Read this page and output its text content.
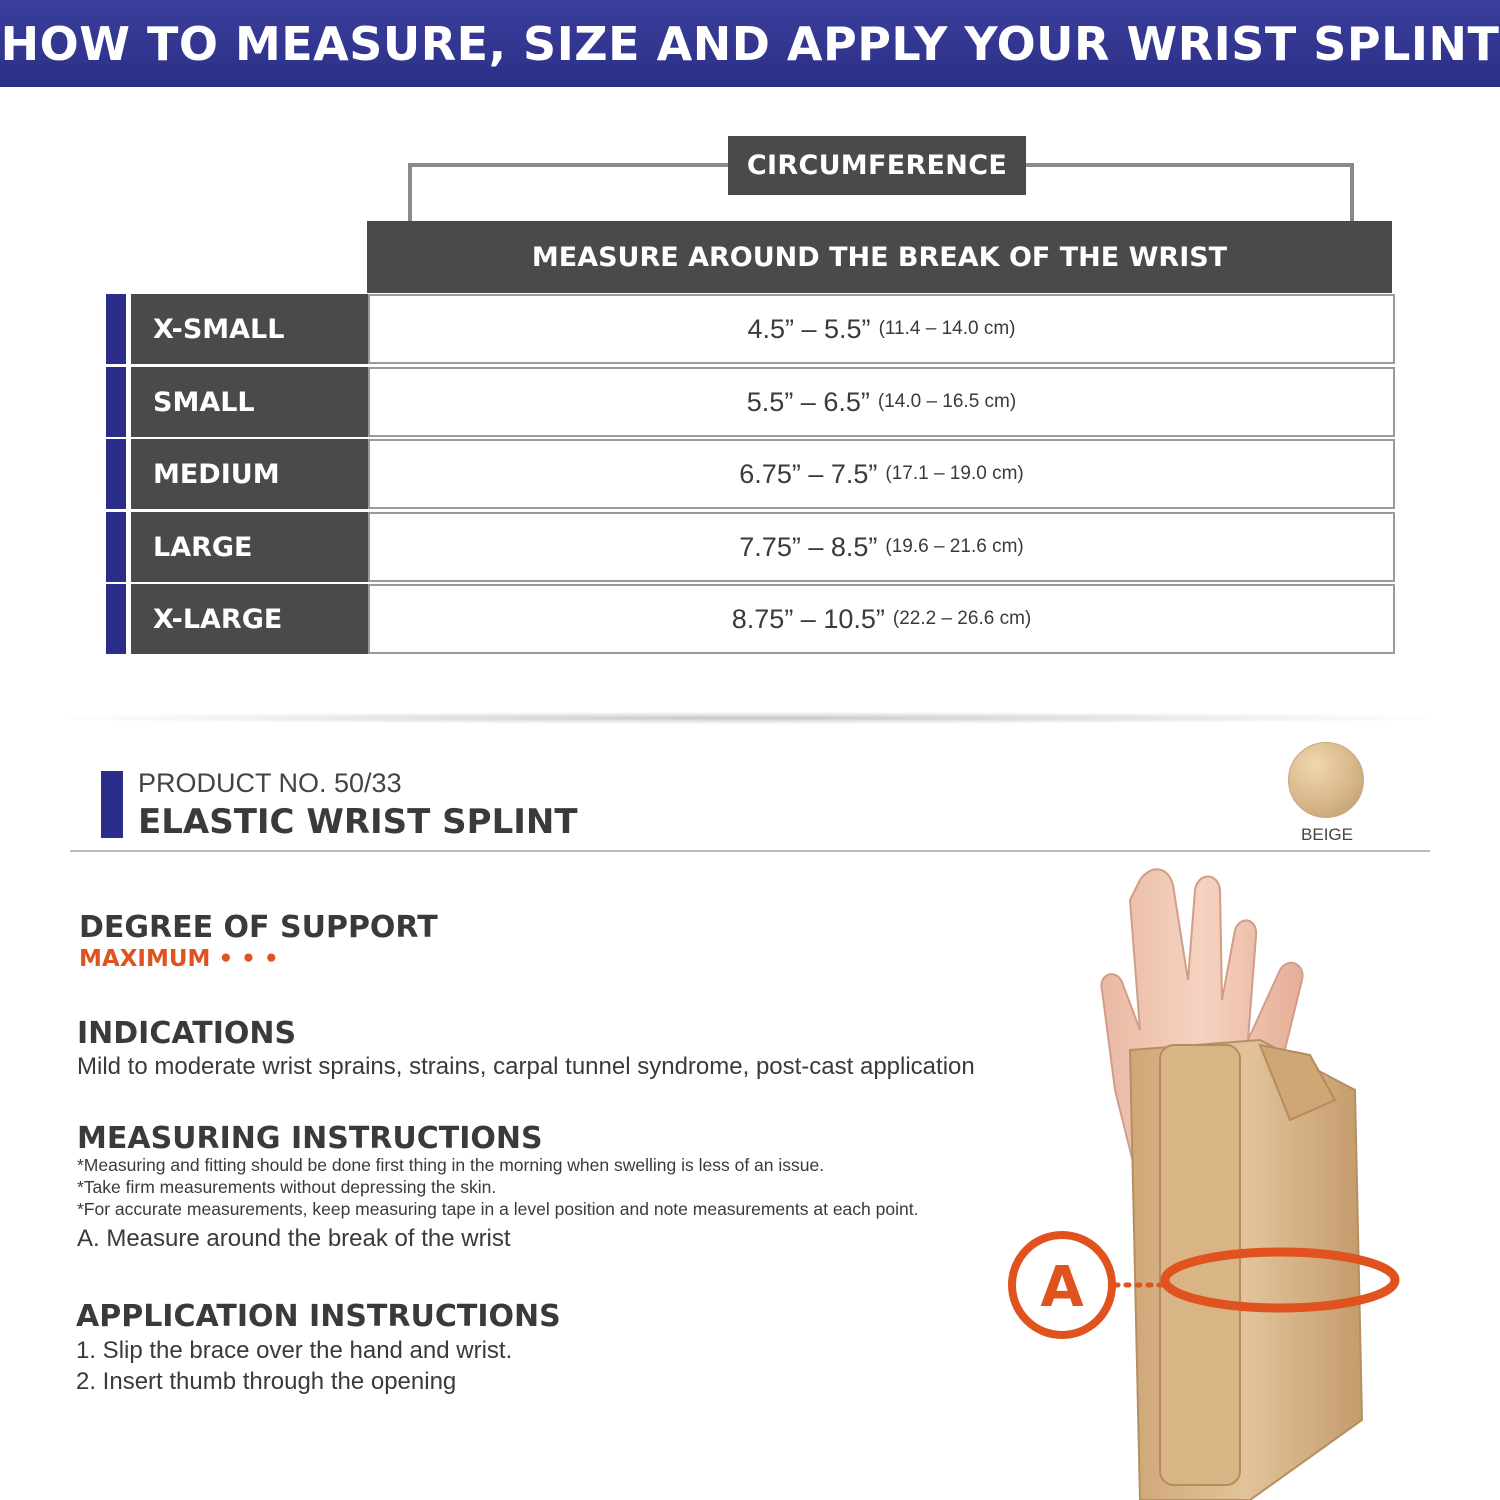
HOW TO MEASURE, SIZE AND APPLY YOUR WRIST SPLINT
CIRCUMFERENCE
MEASURE AROUND THE BREAK OF THE WRIST
X-SMALL	4.5” – 5.5” (11.4 – 14.0 cm)
SMALL	5.5” – 6.5” (14.0 – 16.5 cm)
MEDIUM	6.75” – 7.5” (17.1 – 19.0 cm)
LARGE	7.75” – 8.5” (19.6 – 21.6 cm)
X-LARGE	8.75” – 10.5” (22.2 – 26.6 cm)
PRODUCT NO. 50/33
ELASTIC WRIST SPLINT	BEIGE
DEGREE OF SUPPORT
MAXIMUM • • •
INDICATIONS
Mild to moderate wrist sprains, strains, carpal tunnel syndrome, post-cast application
MEASURING INSTRUCTIONS
*Measuring and fitting should be done first thing in the morning when swelling is less of an issue.
*Take firm measurements without depressing the skin.
*For accurate measurements, keep measuring tape in a level position and note measurements at each point.
A. Measure around the break of the wrist
APPLICATION INSTRUCTIONS
1. Slip the brace over the hand and wrist.
2. Insert thumb through the opening
A
